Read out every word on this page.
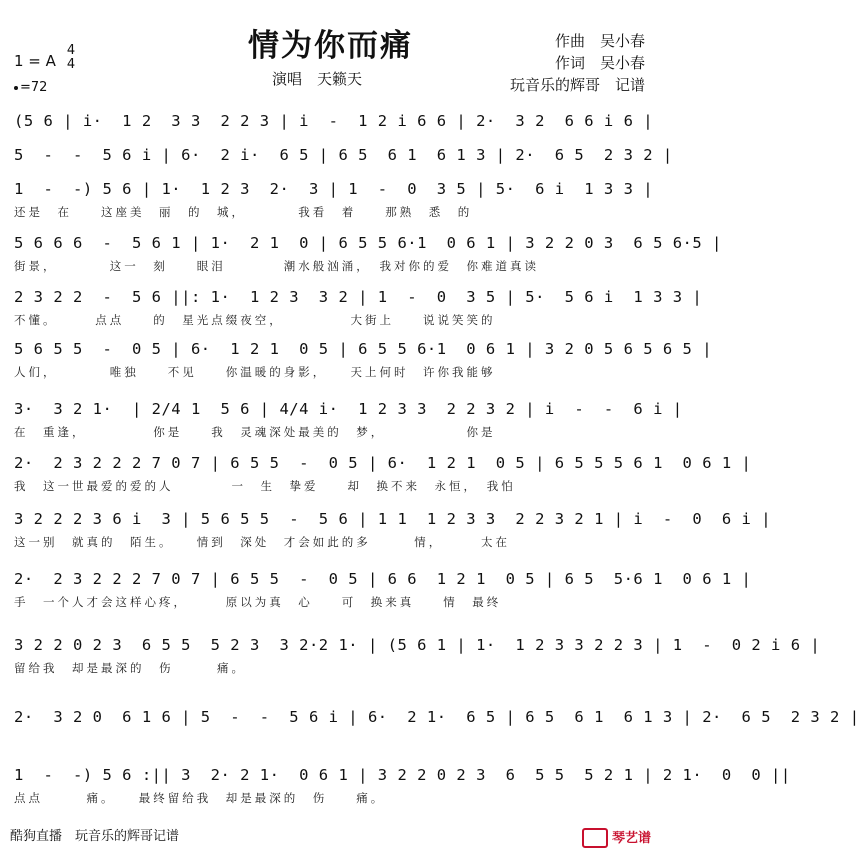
情为你而痛
1 = A
4
4
=72	演唱　天籁天
作曲　吴小春
作词　吴小春
玩音乐的辉哥　记谱
(5 6 | i·  1 2  3 3  2 2 3 | i  -  1 2 i 6 6 | 2·  3 2  6 6 i 6 |
5  -  -  5 6 i | 6·  2 i·  6 5 | 6 5  6 1  6 1 3 | 2·  6 5  2 3 2 |
1  -  -) 5 6 | 1·  1 2 3  2·  3 | 1  -  0  3 5 | 5·  6 i  1 3 3 |
还是　在　　这座美　丽　的　城，　　　　我看　着　　那熟　悉　的
5 6 6 6  -  5 6 1 | 1·  2 1  0 | 6 5 5 6·1  0 6 1 | 3 2 2 0 3  6 5 6·5 |
街景，　　　　这一　刻　　眼泪　　　　潮水般汹涌，　我对你的爱　你难道真读
2 3 2 2  -  5 6 ||: 1·  1 2 3  3 2 | 1  -  0  3 5 | 5·  5 6 i  1 3 3 |
不懂。　　　点点　　的　星光点缀夜空，　　　　　大街上　　说说笑笑的
5 6 5 5  -  0 5 | 6·  1 2 1  0 5 | 6 5 5 6·1  0 6 1 | 3 2 0 5 6 5 6 5 |
人们，　　　　唯独　　不见　　你温暖的身影，　　天上何时　许你我能够
3·  3 2 1·  | 2/4 1  5 6 | 4/4 i·  1 2 3 3  2 2 3 2 | i  -  -  6 i |
在　重逢，　　　　　你是　　我　灵魂深处最美的　梦，　　　　　　你是
2·  2 3 2 2 2 7 0 7 | 6 5 5  -  0 5 | 6·  1 2 1  0 5 | 6 5 5 5 6 1  0 6 1 |
我　这一世最爱的爱的人　　　　一　生　挚爱　　却　换不来　永恒，　我怕
3 2 2 2 3 6 i  3 | 5 6 5 5  -  5 6 | 1 1  1 2 3 3  2 2 3 2 1 | i  -  0  6 i |
这一别　就真的　陌生。　　情到　深处　才会如此的多　　　情，　　　太在
2·  2 3 2 2 2 7 0 7 | 6 5 5  -  0 5 | 6 6  1 2 1  0 5 | 6 5  5·6 1  0 6 1 |
手　一个人才会这样心疼，　　　原以为真　心　　可　换来真　　情　最终
3 2 2 0 2 3  6 5 5  5 2 3  3 2·2 1· | (5 6 1 | 1·  1 2 3 3 2 2 3 | 1  -  0 2 i 6 |
留给我　却是最深的　伤　　　痛。
2·  3 2 0  6 1 6 | 5  -  -  5 6 i | 6·  2 1·  6 5 | 6 5  6 1  6 1 3 | 2·  6 5  2 3 2 |
1  -  -) 5 6 :|| 3  2· 2 1·  0 6 1 | 3 2 2 0 2 3  6  5 5  5 2 1 | 2 1·  0  0 ||
点点　　　痛。　　最终留给我　却是最深的　伤　　痛。
酷狗直播　玩音乐的辉哥记谱	琴艺谱
